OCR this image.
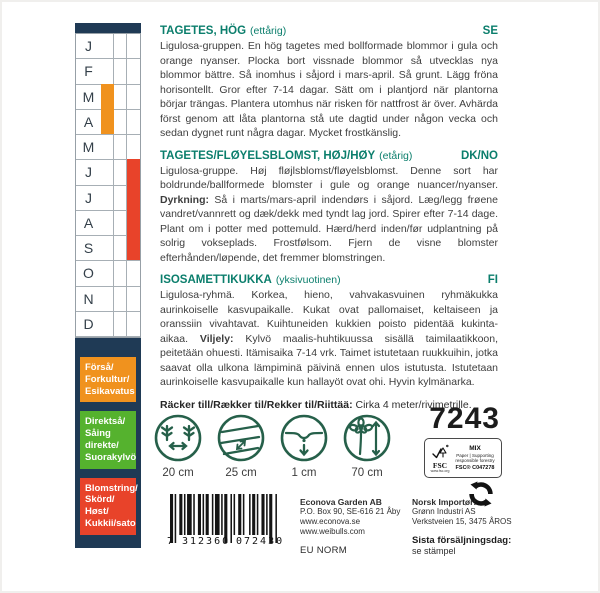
J
F
M
A
M
J
J
A
S
O
N
D
Förså/
Forkultur/
Esikavatus
Direktså/
Såing
direkte/
Suorakylvö
Blomstring/
Skörd/
Høst/
Kukkii/sato
TAGETES, HÖG (ettårig)	SE
Ligulosa-gruppen. En hög tagetes med bollformade blommor i gula och orange nyanser. Plocka bort vissnade blommor så utvecklas nya blommor bättre. Så inomhus i såjord i mars-april. Så grunt. Lägg fröna horisontellt. Gror efter 7-14 dagar. Sätt om i plantjord när plantorna börjar trängas. Plantera utomhus när risken för nattfrost är över. Avhärda först genom att låta plantorna stå ute dagtid under någon vecka och sedan dygnet runt några dagar. Mycket frostkänslig.
TAGETES/FLØYELSBLOMST, HØJ/HØY (etårig)	DK/NO
Ligulosa-gruppe. Høj fløjlsblomst/fløyelsblomst. Denne sort har boldrunde/ballformede blomster i gule og orange nuancer/nyanser. Dyrkning: Så i marts/mars-april indendørs i såjord. Læg/legg frøene vandret/vannrett og dæk/dekk med tyndt lag jord. Spirer efter 7-14 dage. Plant om i potter med pottemuld. Hærd/herd inden/før udplantning på solrig vokseplads. Frostfølsom. Fjern de visne blomster efterhånden/løpende, det fremmer blomstringen.
ISOSAMETTIKUKKA (yksivuotinen)	FI
Ligulosa-ryhmä. Korkea, hieno, vahvakasvuinen ryhmäkukka aurinkoiselle kasvupaikalle. Kukat ovat pallomaiset, keltaiseen ja oranssiin vivahtavat. Kuihtuneiden kukkien poisto pidentää kukinta-aikaa. Viljely: Kylvö maalis-huhtikuussa sisällä taimilaatikkoon, peitetään ohuesti. Itämisaika 7-14 vrk. Taimet istutetaan ruukkuihin, jotka saavat olla ulkona lämpiminä päivinä ennen ulos istutusta. Istutetaan aurinkoiselle kasvupaikalle kun hallayöt ovat ohi. Hyvin kylmänarka.
Räcker till/Rækker til/Rekker til/Riittää: Cirka 4 meter/rivimetrille.
20 cm	25 cm	1 cm	70 cm
7243
FSC
www.fsc.org
MIX
Paper | Supporting
responsible forestry
FSC® C047278
7 312360 072430
Econova Garden AB
P.O. Box 90, SE-616 21 Åby
www.econova.se
www.weibulls.com
EU NORM
Norsk Importør:
Grønn Industri AS
Verkstveien 15, 3475 ÅROS
Sista försäljningsdag:
se stämpel
